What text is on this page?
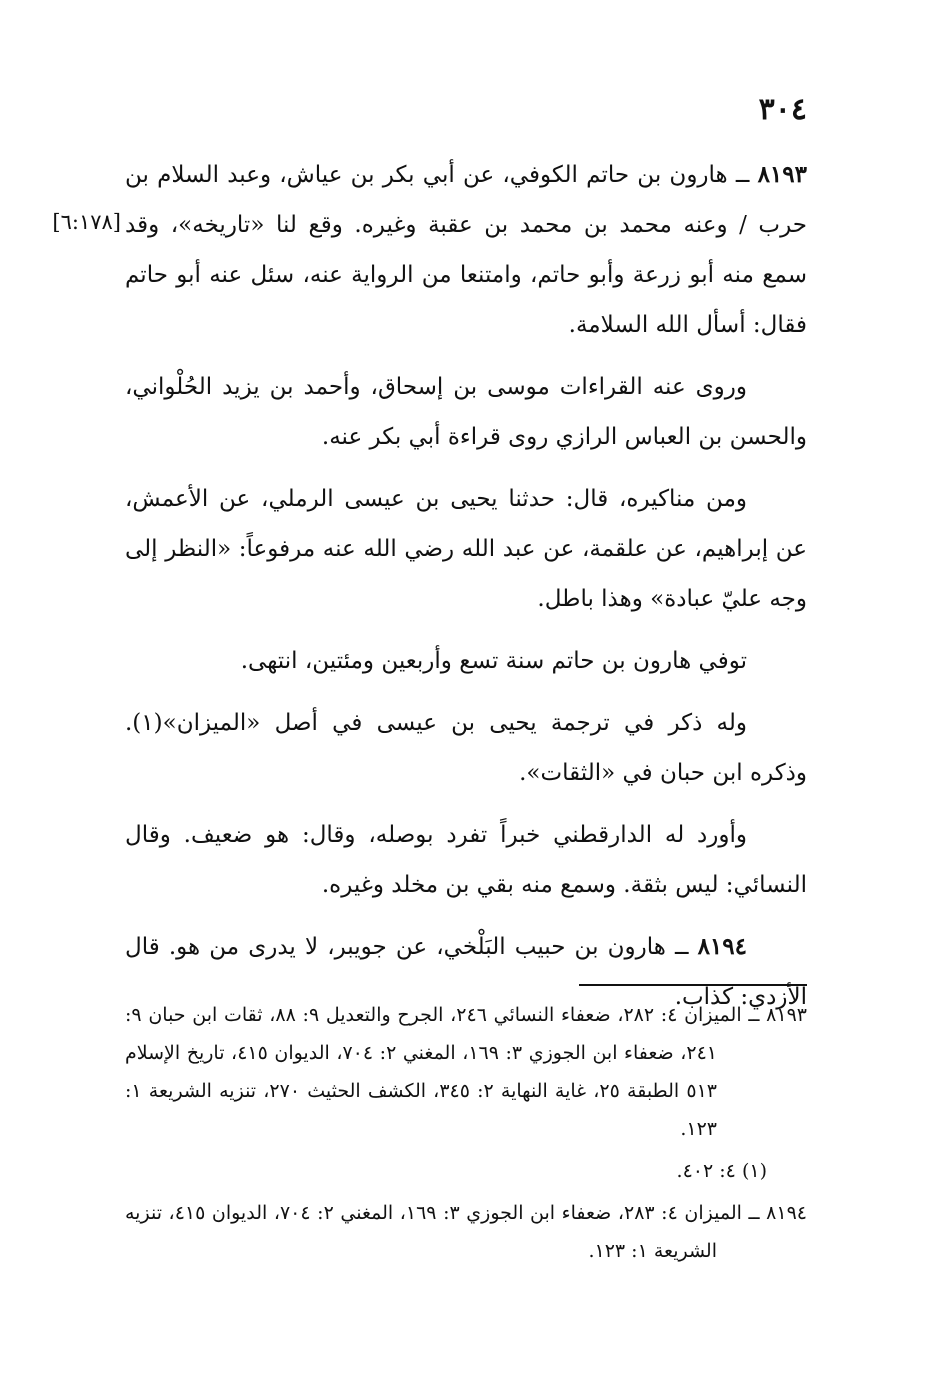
٣٠٤
[٦:١٧٨]

٨١٩٣ ــ هارون بن حاتم الكوفي، عن أبي بكر بن عياش، وعبد السلام بن حرب / وعنه محمد بن محمد بن عقبة وغيره. وقع لنا «تاريخه»، وقد سمع منه أبو زرعة وأبو حاتم، وامتنعا من الرواية عنه، سئل عنه أبو حاتم فقال: أسأل الله السلامة.

وروى عنه القراءات موسى بن إسحاق، وأحمد بن يزيد الحُلْواني، والحسن بن العباس الرازي روى قراءة أبي بكر عنه.

ومن مناكيره، قال: حدثنا يحيى بن عيسى الرملي، عن الأعمش، عن إبراهيم، عن علقمة، عن عبد الله رضي الله عنه مرفوعاً: «النظر إلى وجه عليّ عبادة» وهذا باطل.

توفي هارون بن حاتم سنة تسع وأربعين ومئتين، انتهى.

وله ذكر في ترجمة يحيى بن عيسى في أصل «الميزان»(١). وذكره ابن حبان في «الثقات».

وأورد له الدارقطني خبراً تفرد بوصله، وقال: هو ضعيف. وقال النسائي: ليس بثقة. وسمع منه بقي بن مخلد وغيره.

٨١٩٤ ــ هارون بن حبيب البَلْخي، عن جويبر، لا يدرى من هو. قال الأزدي: كذاب.

٨١٩٣ ــ الميزان ٤: ٢٨٢، ضعفاء النسائي ٢٤٦، الجرح والتعديل ٩: ٨٨، ثقات ابن حبان ٩: ٢٤١، ضعفاء ابن الجوزي ٣: ١٦٩، المغني ٢: ٧٠٤، الديوان ٤١٥، تاريخ الإسلام ٥١٣ الطبقة ٢٥، غاية النهاية ٢: ٣٤٥، الكشف الحثيث ٢٧٠، تنزيه الشريعة ١: ١٢٣.

(١) ٤: ٤٠٢.

٨١٩٤ ــ الميزان ٤: ٢٨٣، ضعفاء ابن الجوزي ٣: ١٦٩، المغني ٢: ٧٠٤، الديوان ٤١٥، تنزيه الشريعة ١: ١٢٣.
